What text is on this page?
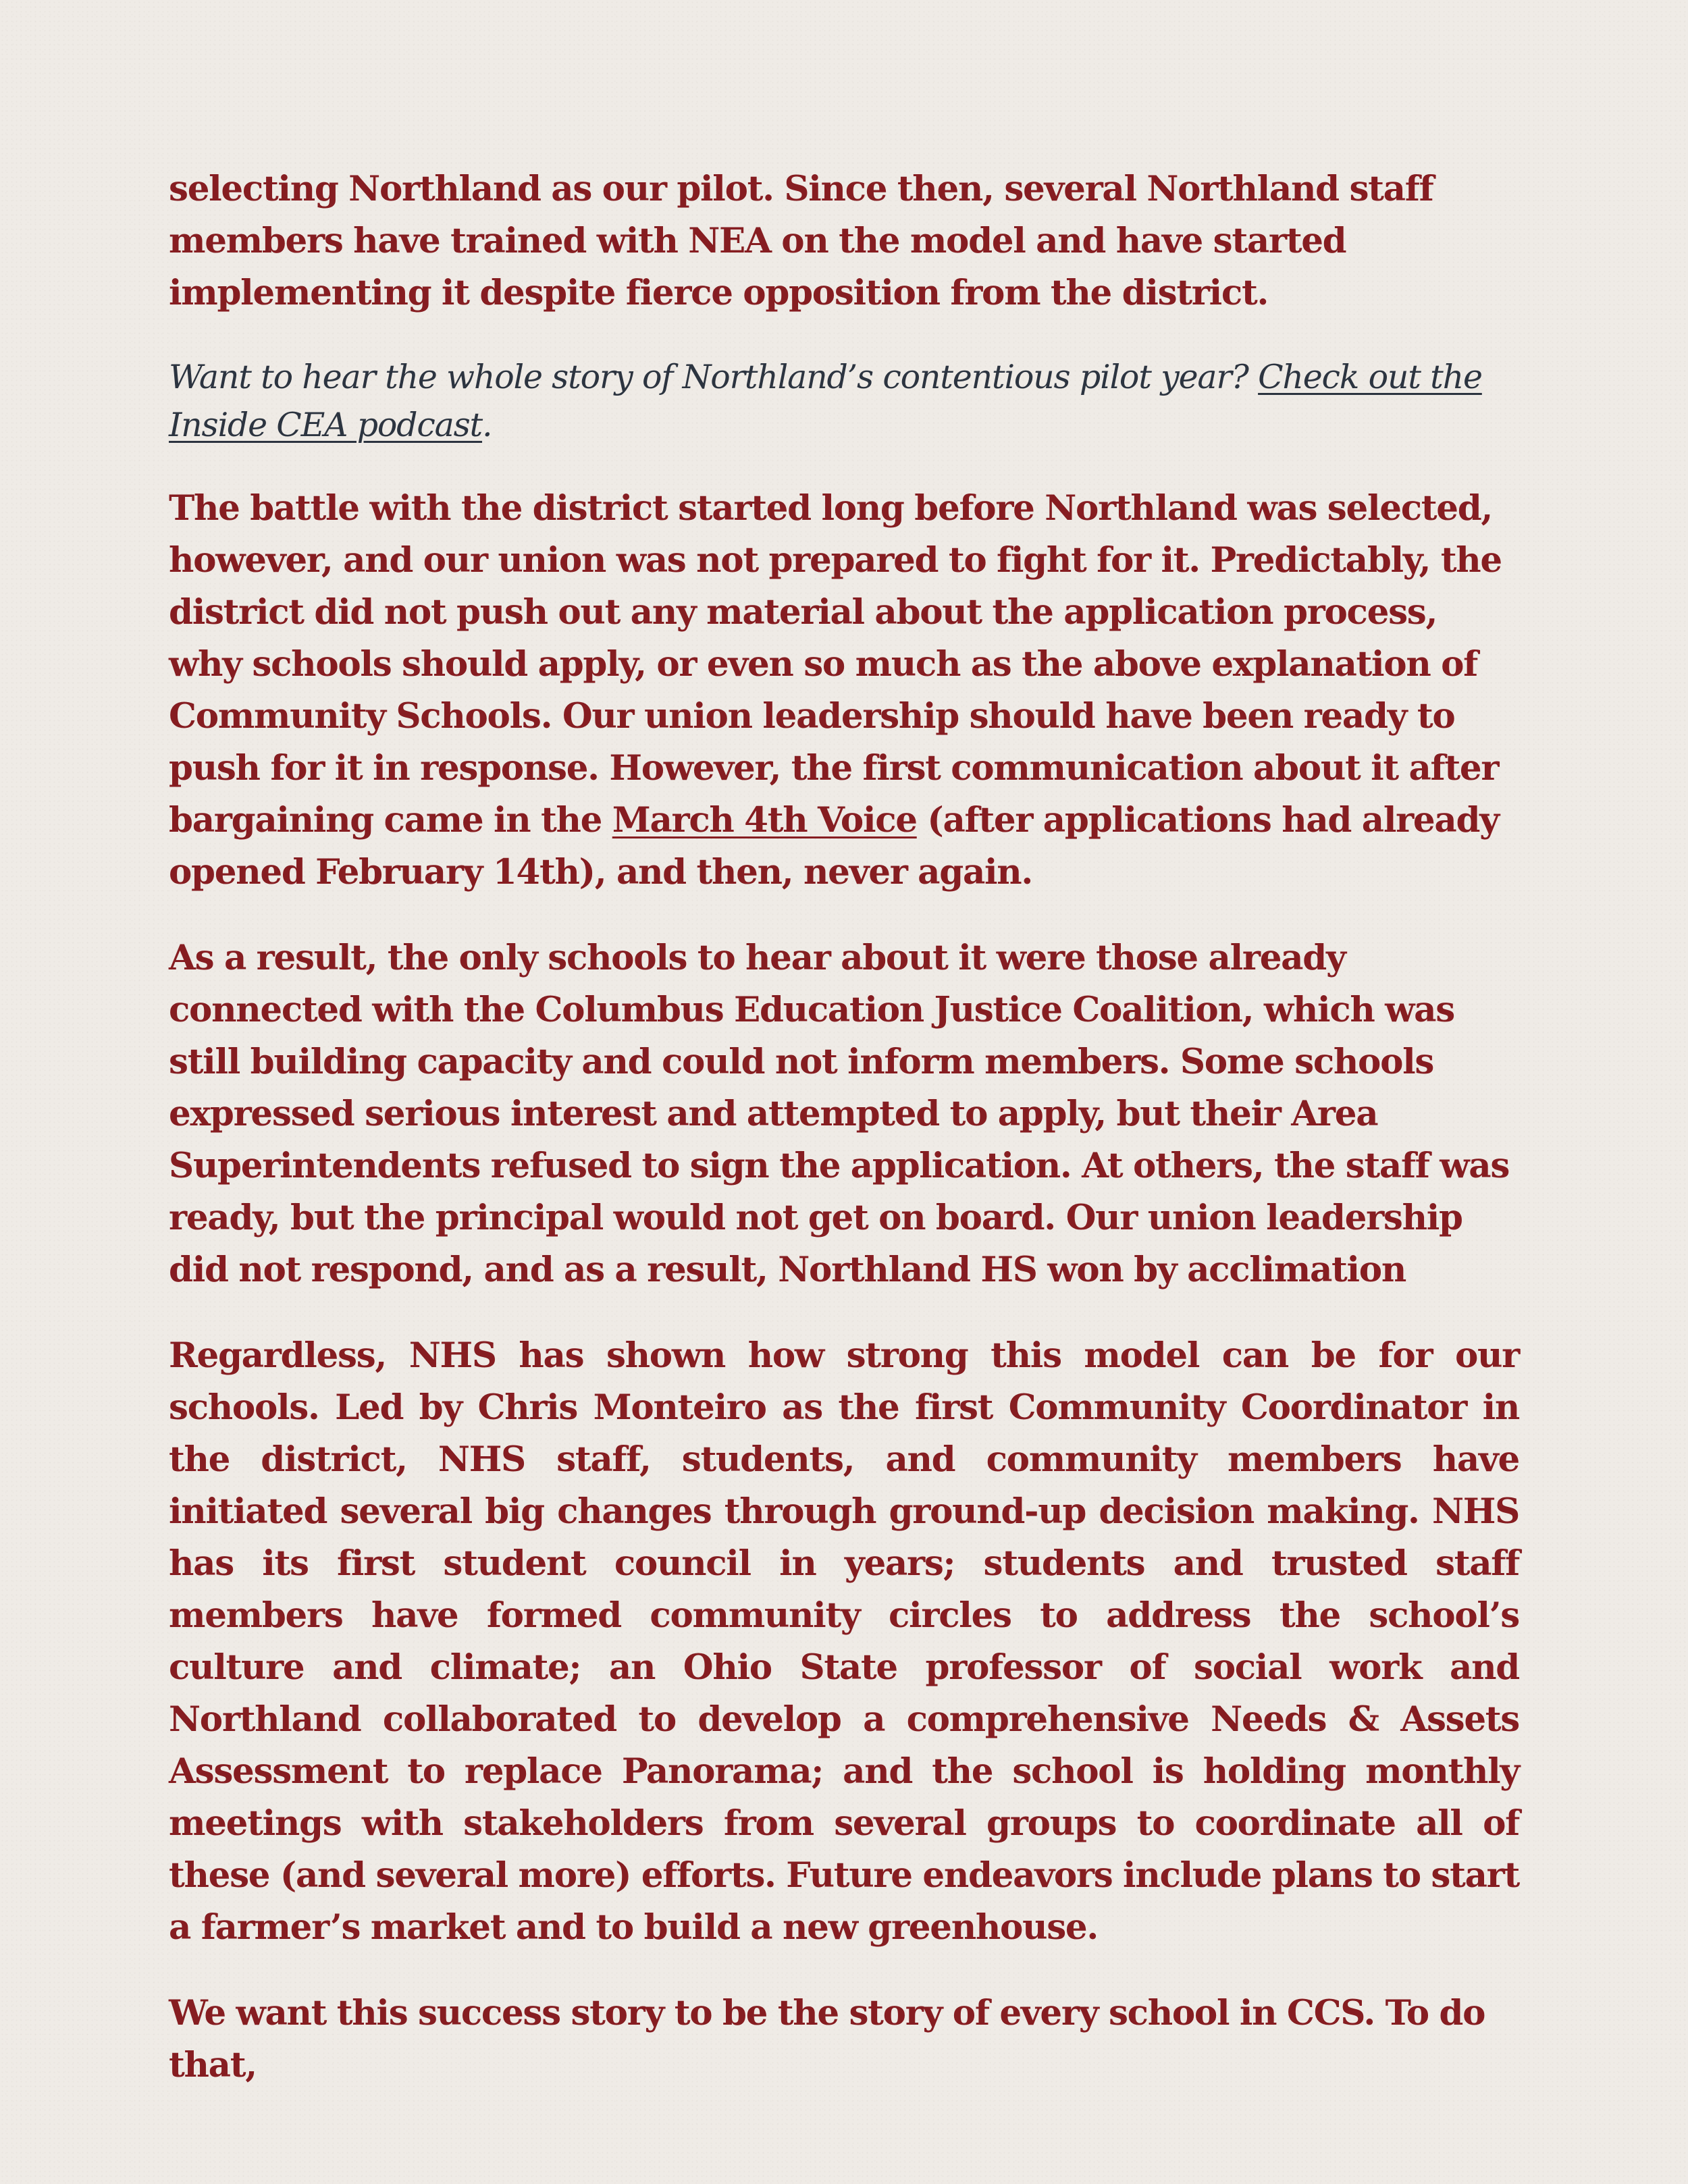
selecting Northland as our pilot. Since then, several Northland staff members have trained with NEA on the model and have started implementing it despite fierce opposition from the district.

Want to hear the whole story of Northland’s contentious pilot year? Check out the Inside CEA podcast.

The battle with the district started long before Northland was selected, however, and our union was not prepared to fight for it. Predictably, the district did not push out any material about the application process, why schools should apply, or even so much as the above explanation of Community Schools. Our union leadership should have been ready to push for it in response. However, the first communication about it after bargaining came in the March 4th Voice (after applications had already opened February 14th), and then, never again.

As a result, the only schools to hear about it were those already connected with the Columbus Education Justice Coalition, which was still building capacity and could not inform members. Some schools expressed serious interest and attempted to apply, but their Area Superintendents refused to sign the application. At others, the staff was ready, but the principal would not get on board. Our union leadership did not respond, and as a result, Northland HS won by acclimation

Regardless, NHS has shown how strong this model can be for our schools. Led by Chris Monteiro as the first Community Coordinator in the district, NHS staff, students, and community members have initiated several big changes through ground-up decision making. NHS has its first student council in years; students and trusted staff members have formed community circles to address the school’s culture and climate; an Ohio State professor of social work and Northland collaborated to develop a comprehensive Needs & Assets Assessment to replace Panorama; and the school is holding monthly meetings with stakeholders from several groups to coordinate all of these (and several more) efforts. Future endeavors include plans to start a farmer’s market and to build a new greenhouse.

We want this success story to be the story of every school in CCS. To do that,
